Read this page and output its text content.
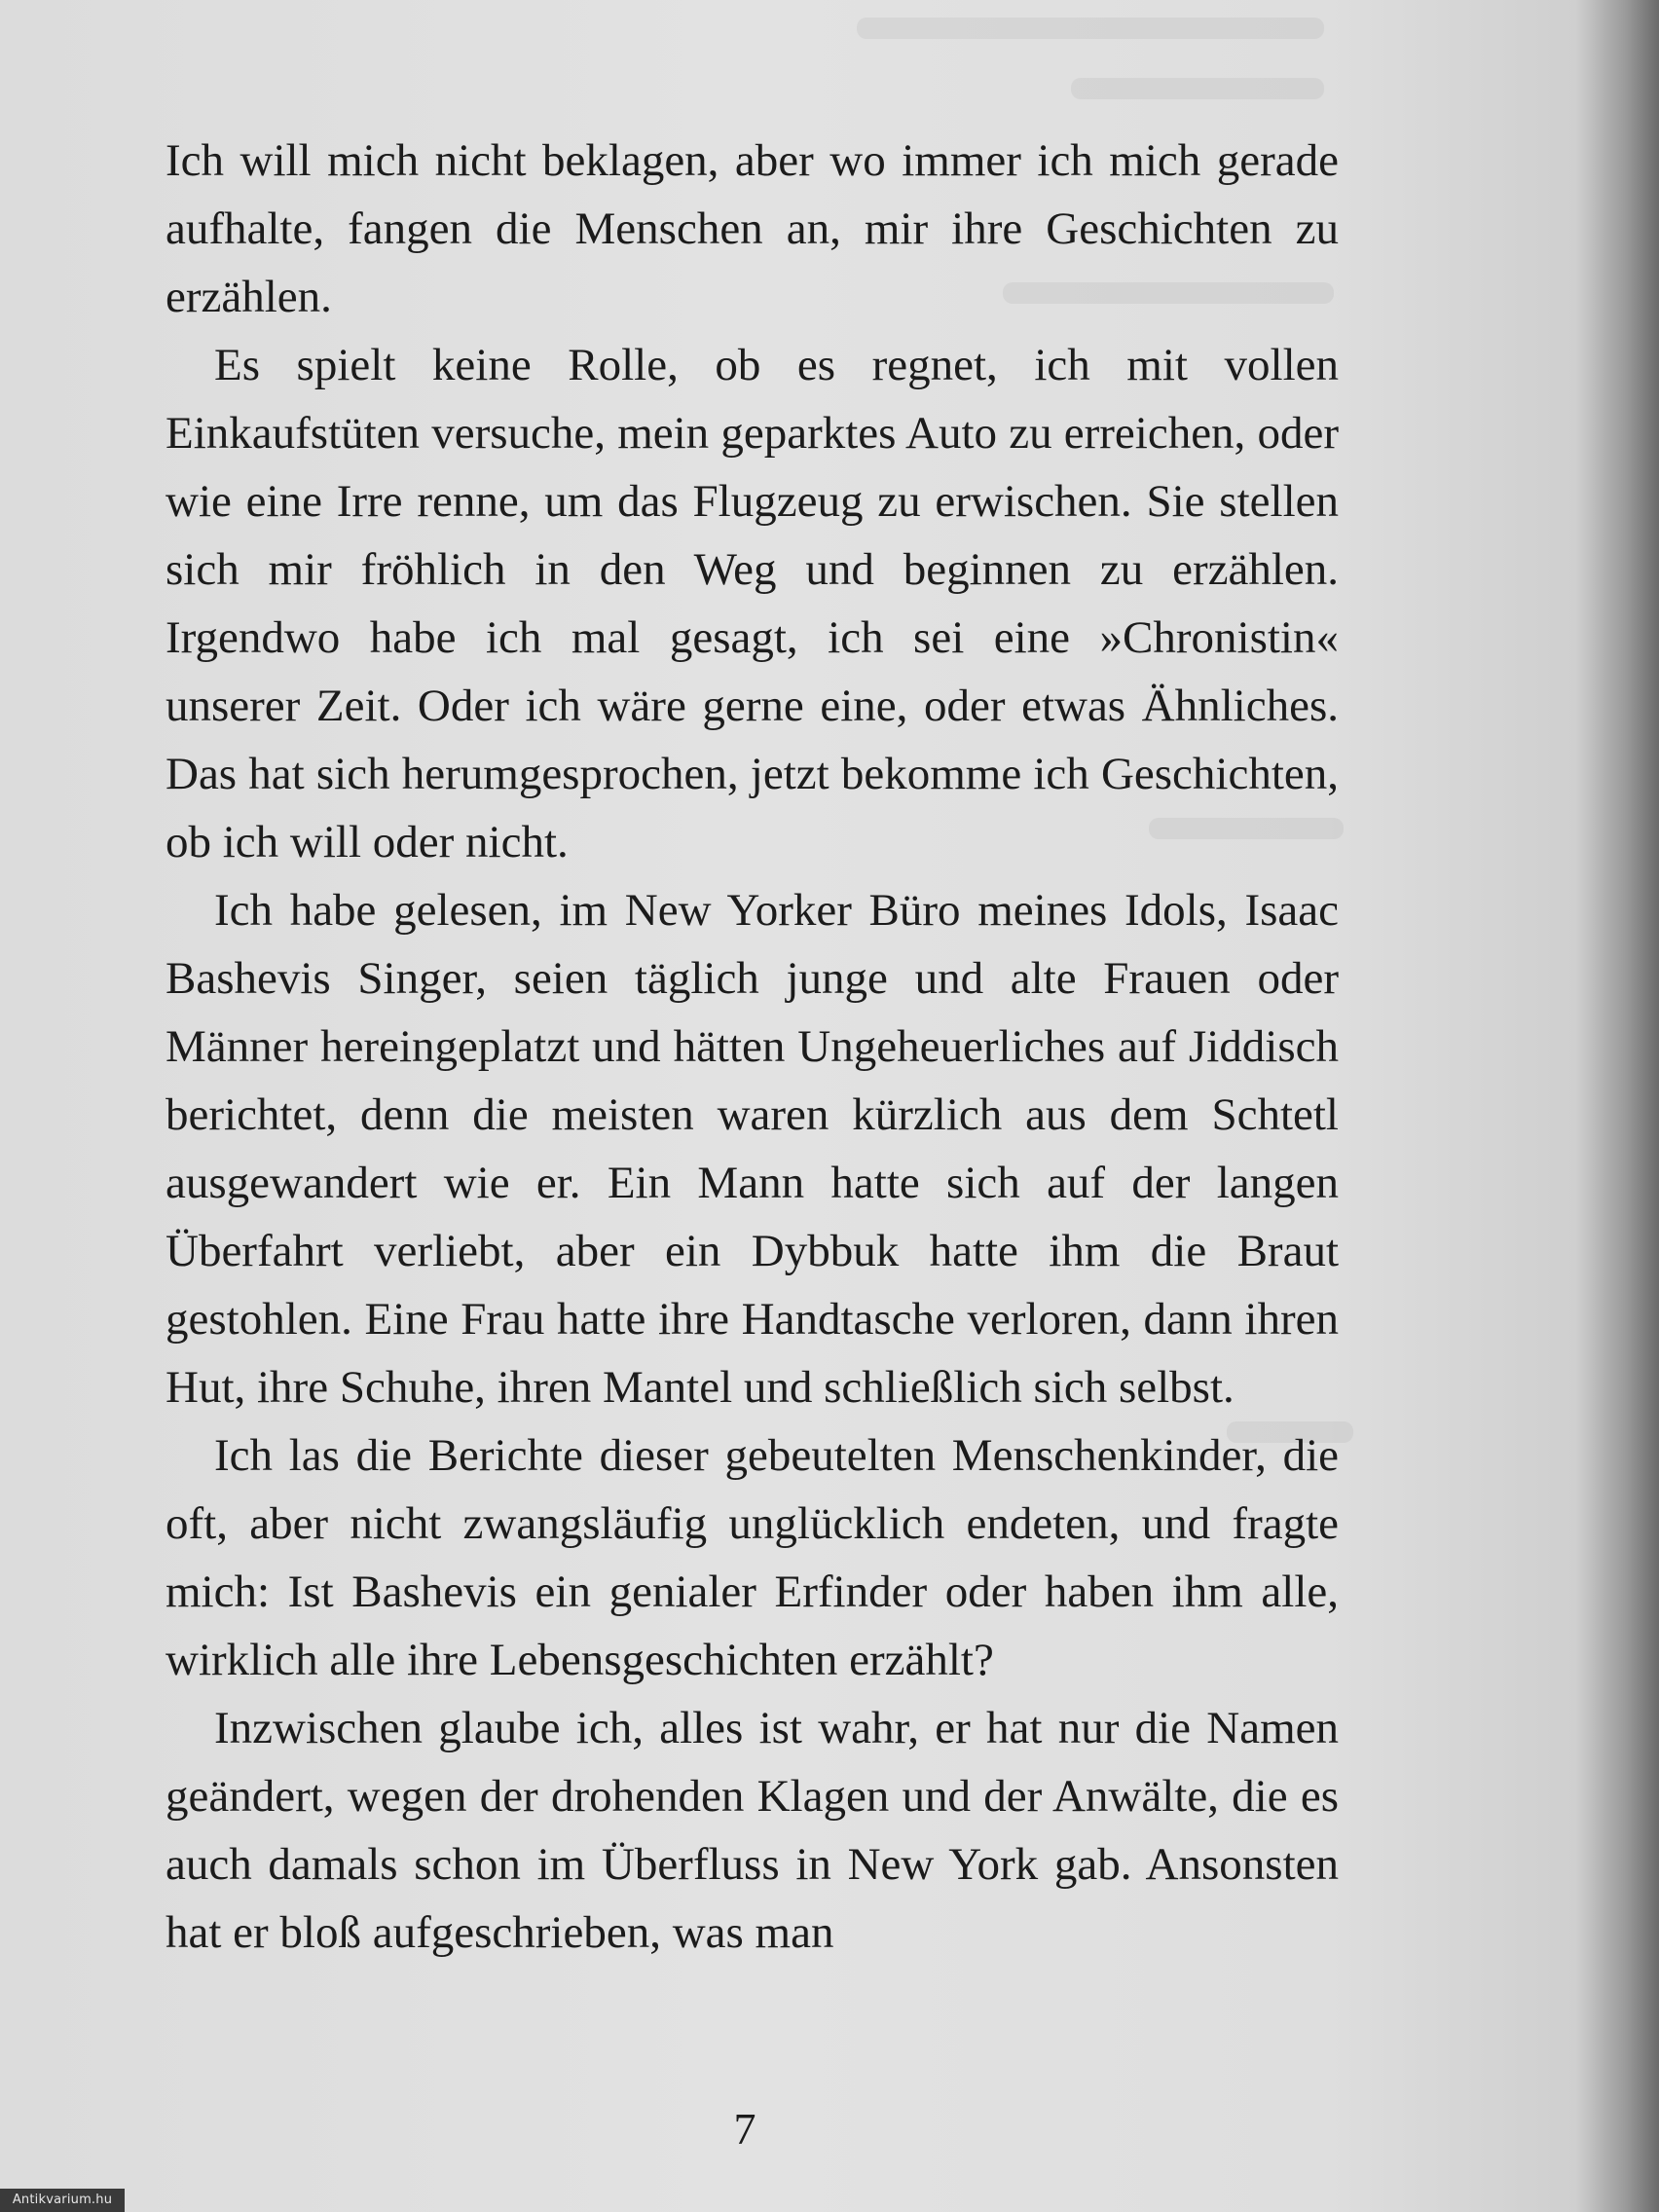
Ich will mich nicht beklagen, aber wo immer ich mich gerade aufhalte, fangen die Menschen an, mir ihre Geschichten zu erzählen.

Es spielt keine Rolle, ob es regnet, ich mit vollen Einkaufstüten versuche, mein geparktes Auto zu erreichen, oder wie eine Irre renne, um das Flugzeug zu erwischen. Sie stellen sich mir fröhlich in den Weg und beginnen zu erzählen. Irgendwo habe ich mal gesagt, ich sei eine »Chronistin« unserer Zeit. Oder ich wäre gerne eine, oder etwas Ähnliches. Das hat sich herumgesprochen, jetzt bekomme ich Geschichten, ob ich will oder nicht.

Ich habe gelesen, im New Yorker Büro meines Idols, Isaac Bashevis Singer, seien täglich junge und alte Frauen oder Männer hereingeplatzt und hätten Ungeheuerliches auf Jiddisch berichtet, denn die meisten waren kürzlich aus dem Schtetl ausgewandert wie er. Ein Mann hatte sich auf der langen Überfahrt verliebt, aber ein Dybbuk hatte ihm die Braut gestohlen. Eine Frau hatte ihre Handtasche verloren, dann ihren Hut, ihre Schuhe, ihren Mantel und schließlich sich selbst.

Ich las die Berichte dieser gebeutelten Menschenkinder, die oft, aber nicht zwangsläufig unglücklich endeten, und fragte mich: Ist Bashevis ein genialer Erfinder oder haben ihm alle, wirklich alle ihre Lebensgeschichten erzählt?

Inzwischen glaube ich, alles ist wahr, er hat nur die Namen geändert, wegen der drohenden Klagen und der Anwälte, die es auch damals schon im Überfluss in New York gab. Ansonsten hat er bloß aufgeschrieben, was man

7
Antikvarium.hu
